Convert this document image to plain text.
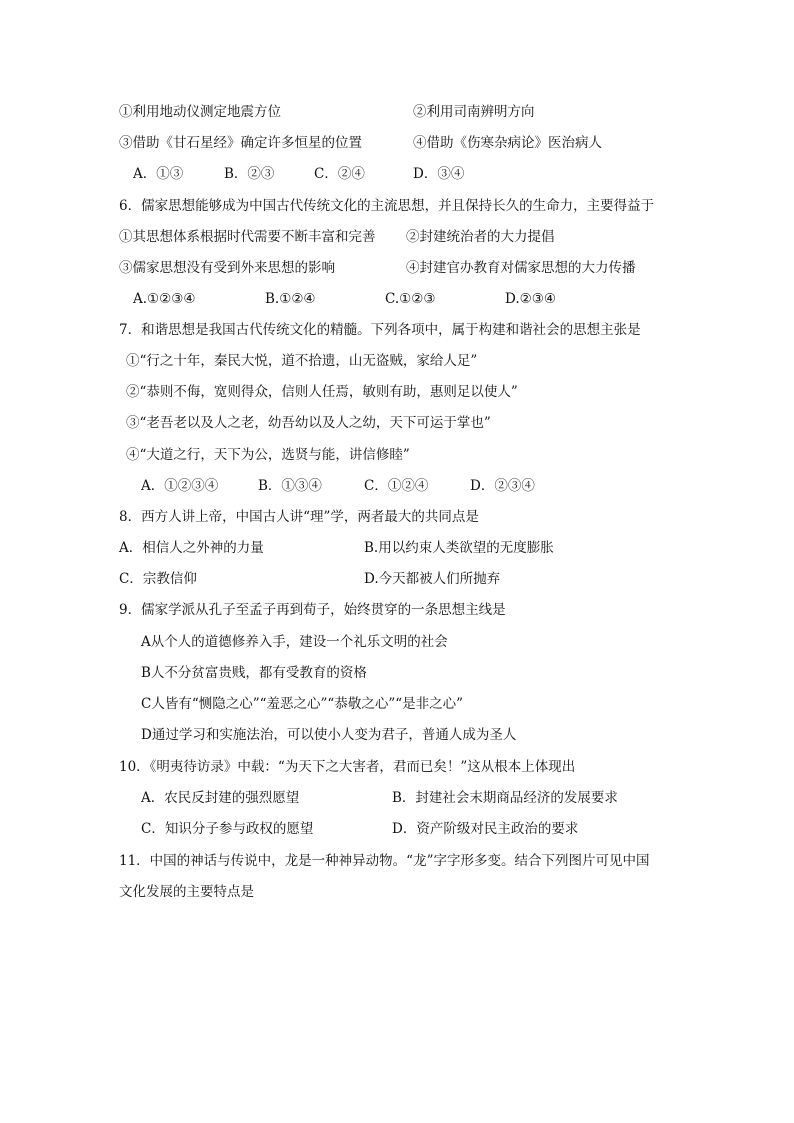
①利用地动仪测定地震方位	②利用司南辨明方向
③借助《甘石星经》确定许多恒星的位置	④借助《伤寒杂病论》医治病人
A．①③	B．②③	C．②④	D．③④
6．儒家思想能够成为中国古代传统文化的主流思想，并且保持长久的生命力，主要得益于
①其思想体系根据时代需要不断丰富和完善 ②封建统治者的大力提倡
③儒家思想没有受到外来思想的影响	④封建官办教育对儒家思想的大力传播
A.①②③④	B.①②④	C.①②③	D.②③④
7．和谐思想是我国古代传统文化的精髓。下列各项中，属于构建和谐社会的思想主张是
①“行之十年，秦民大悦，道不拾遗，山无盗贼，家给人足”
②“恭则不侮，宽则得众，信则人任焉，敏则有助，惠则足以使人”
③“老吾老以及人之老，幼吾幼以及人之幼，天下可运于掌也”
④“大道之行，天下为公，选贤与能，讲信修睦”
A．①②③④	B．①③④	C．①②④	D．②③④
8．西方人讲上帝，中国古人讲“理”学，两者最大的共同点是
A．相信人之外神的力量	B.用以约束人类欲望的无度膨胀
C．宗教信仰	D.今天都被人们所抛弃
9．儒家学派从孔子至孟子再到荀子，始终贯穿的一条思想主线是
A从个人的道德修养入手，建设一个礼乐文明的社会
B人不分贫富贵贱，都有受教育的资格
C人皆有“恻隐之心”“羞恶之心”“恭敬之心”“是非之心”
D通过学习和实施法治，可以使小人变为君子，普通人成为圣人
10．《明夷待访录》中载：“为天下之大害者，君而已矣！”这从根本上体现出
A．农民反封建的强烈愿望	B．封建社会末期商品经济的发展要求
C．知识分子参与政权的愿望	D．资产阶级对民主政治的要求
11．中国的神话与传说中，龙是一种神异动物。“龙”字字形多变。结合下列图片可见中国
文化发展的主要特点是
